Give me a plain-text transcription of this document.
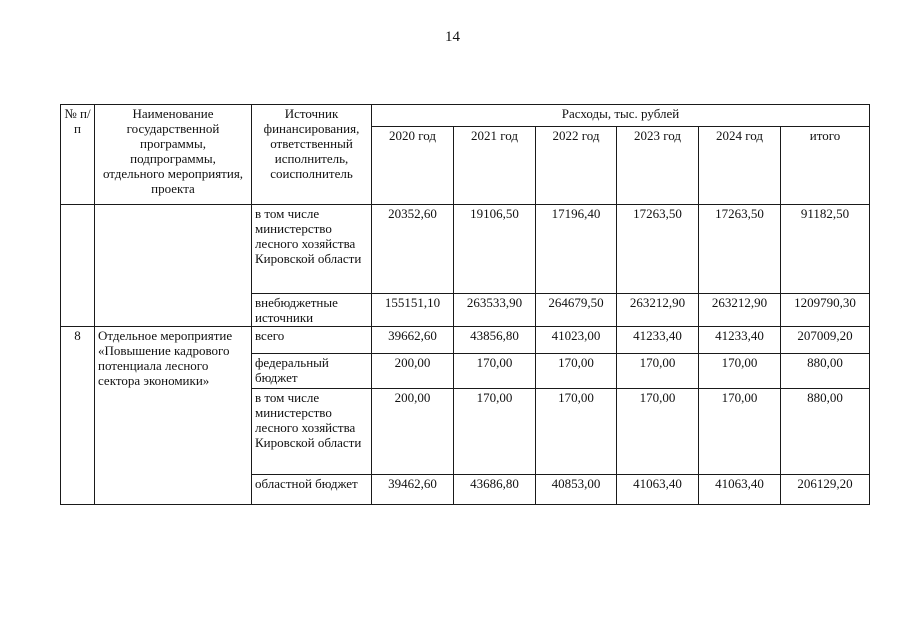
14
№ п/п	Наименование государственной программы, подпрограммы, отдельного мероприятия, проекта	Источник финансирования, ответственный исполнитель, соисполнитель	Расходы, тыс. рублей					
			2020 год	2021 год	2022 год	2023 год	2024 год	итого
		в том числе министерство лесного хозяйства Кировской области	20352,60	19106,50	17196,40	17263,50	17263,50	91182,50
		внебюджетные источники	155151,10	263533,90	264679,50	263212,90	263212,90	1209790,30
8	Отдельное мероприятие «Повышение кадрового потенциала лесного сектора экономики»	всего	39662,60	43856,80	41023,00	41233,40	41233,40	207009,20
		федеральный бюджет	200,00	170,00	170,00	170,00	170,00	880,00
		в том числе министерство лесного хозяйства Кировской области	200,00	170,00	170,00	170,00	170,00	880,00
		областной бюджет	39462,60	43686,80	40853,00	41063,40	41063,40	206129,20
